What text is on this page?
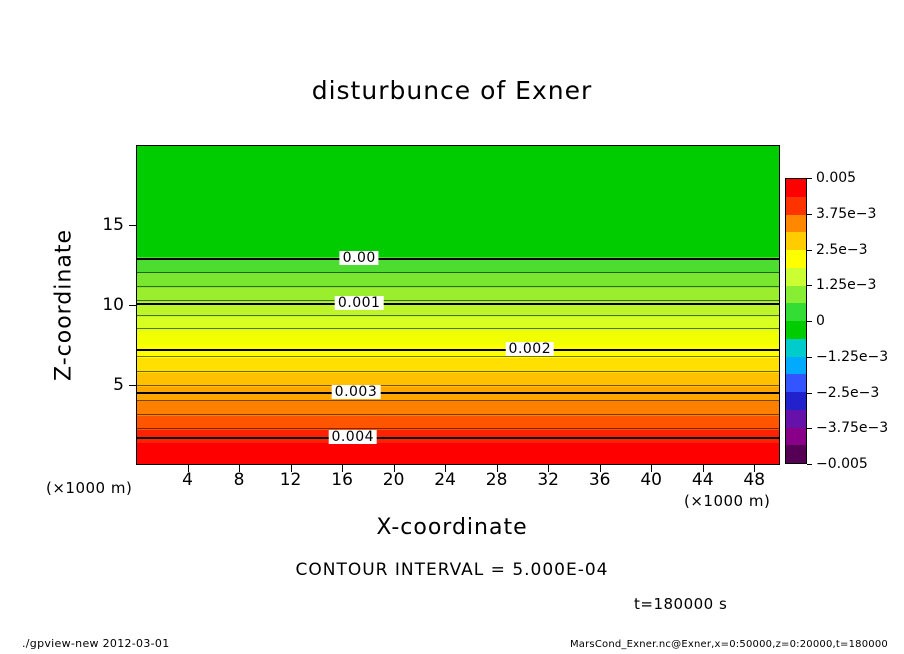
disturbunce of Exner
0.004
0.003
0.002
0.001
0.00
Z-coordinate
X-coordinate
(×1000 m)
(×1000 m)
CONTOUR INTERVAL = 5.000E-04
t=180000 s
./gpview-new 2012-03-01	MarsCond_Exner.nc@Exner,x=0:50000,z=0:20000,t=180000
4 8 12 16 20 24 28 32 36 40 44 48
5
10
15
0.005
3.75e−3
2.5e−3
1.25e−3
0
−1.25e−3
−2.5e−3
−3.75e−3
−0.005
